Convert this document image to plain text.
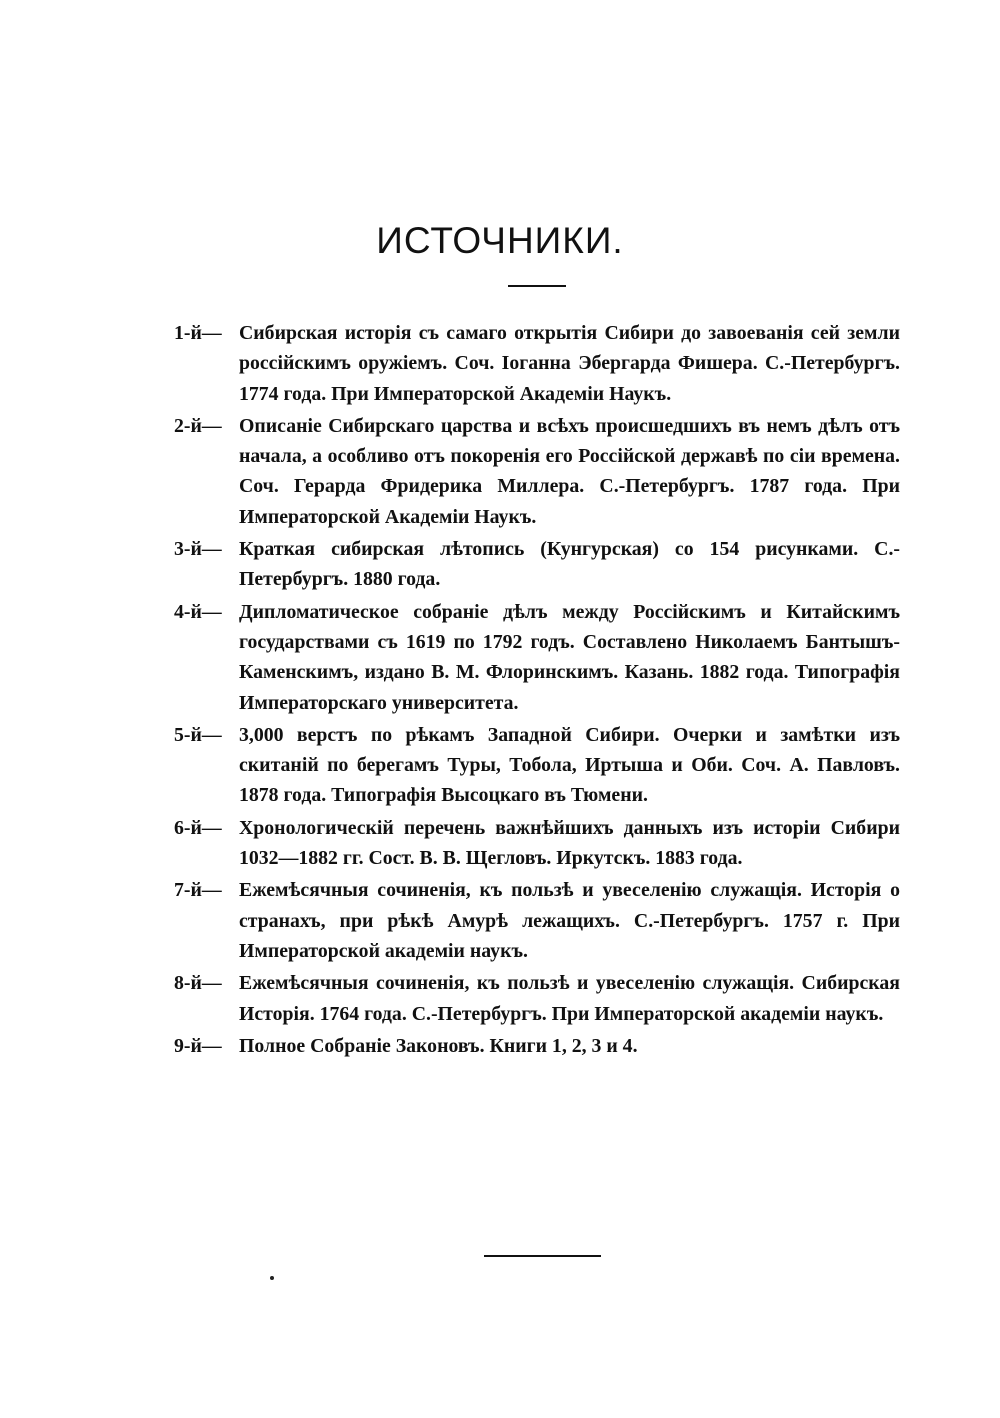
ИСТОЧНИКИ.
1-й— Сибирская исторія съ самаго открытія Сибири до завоеванія сей земли россійскимъ оружіемъ. Соч. Іоганна Эбергарда Фишера. С.-Петербургъ. 1774 года. При Императорской Академіи Наукъ.
2-й— Описаніе Сибирскаго царства и всѣхъ происшедшихъ въ немъ дѣлъ отъ начала, а особливо отъ покоренія его Россійской державѣ по сіи времена. Соч. Герарда Фридерика Миллера. С.-Петербургъ. 1787 года. При Императорской Академіи Наукъ.
3-й— Краткая сибирская лѣтопись (Кунгурская) со 154 рисунками. С.-Петербургъ. 1880 года.
4-й— Дипломатическое собраніе дѣлъ между Россійскимъ и Китайскимъ государствами съ 1619 по 1792 годъ. Составлено Николаемъ Бантышъ-Каменскимъ, издано В. М. Флоринскимъ. Казань. 1882 года. Типографія Императорскаго университета.
5-й— 3,000 верстъ по рѣкамъ Западной Сибири. Очерки и замѣтки изъ скитаній по берегамъ Туры, Тобола, Иртыша и Оби. Соч. А. Павловъ. 1878 года. Типографія Высоцкаго въ Тюмени.
6-й— Хронологическій перечень важнѣйшихъ данныхъ изъ исторіи Сибири 1032—1882 гг. Сост. В. В. Щегловъ. Иркутскъ. 1883 года.
7-й— Ежемѣсячныя сочиненія, къ пользѣ и увеселенію служащія. Исторія о странахъ, при рѣкѣ Амурѣ лежащихъ. С.-Петербургъ. 1757 г. При Императорской академіи наукъ.
8-й— Ежемѣсячныя сочиненія, къ пользѣ и увеселенію служащія. Сибирская Исторія. 1764 года. С.-Петербургъ. При Императорской академіи наукъ.
9-й— Полное Собраніе Законовъ. Книги 1, 2, 3 и 4.
